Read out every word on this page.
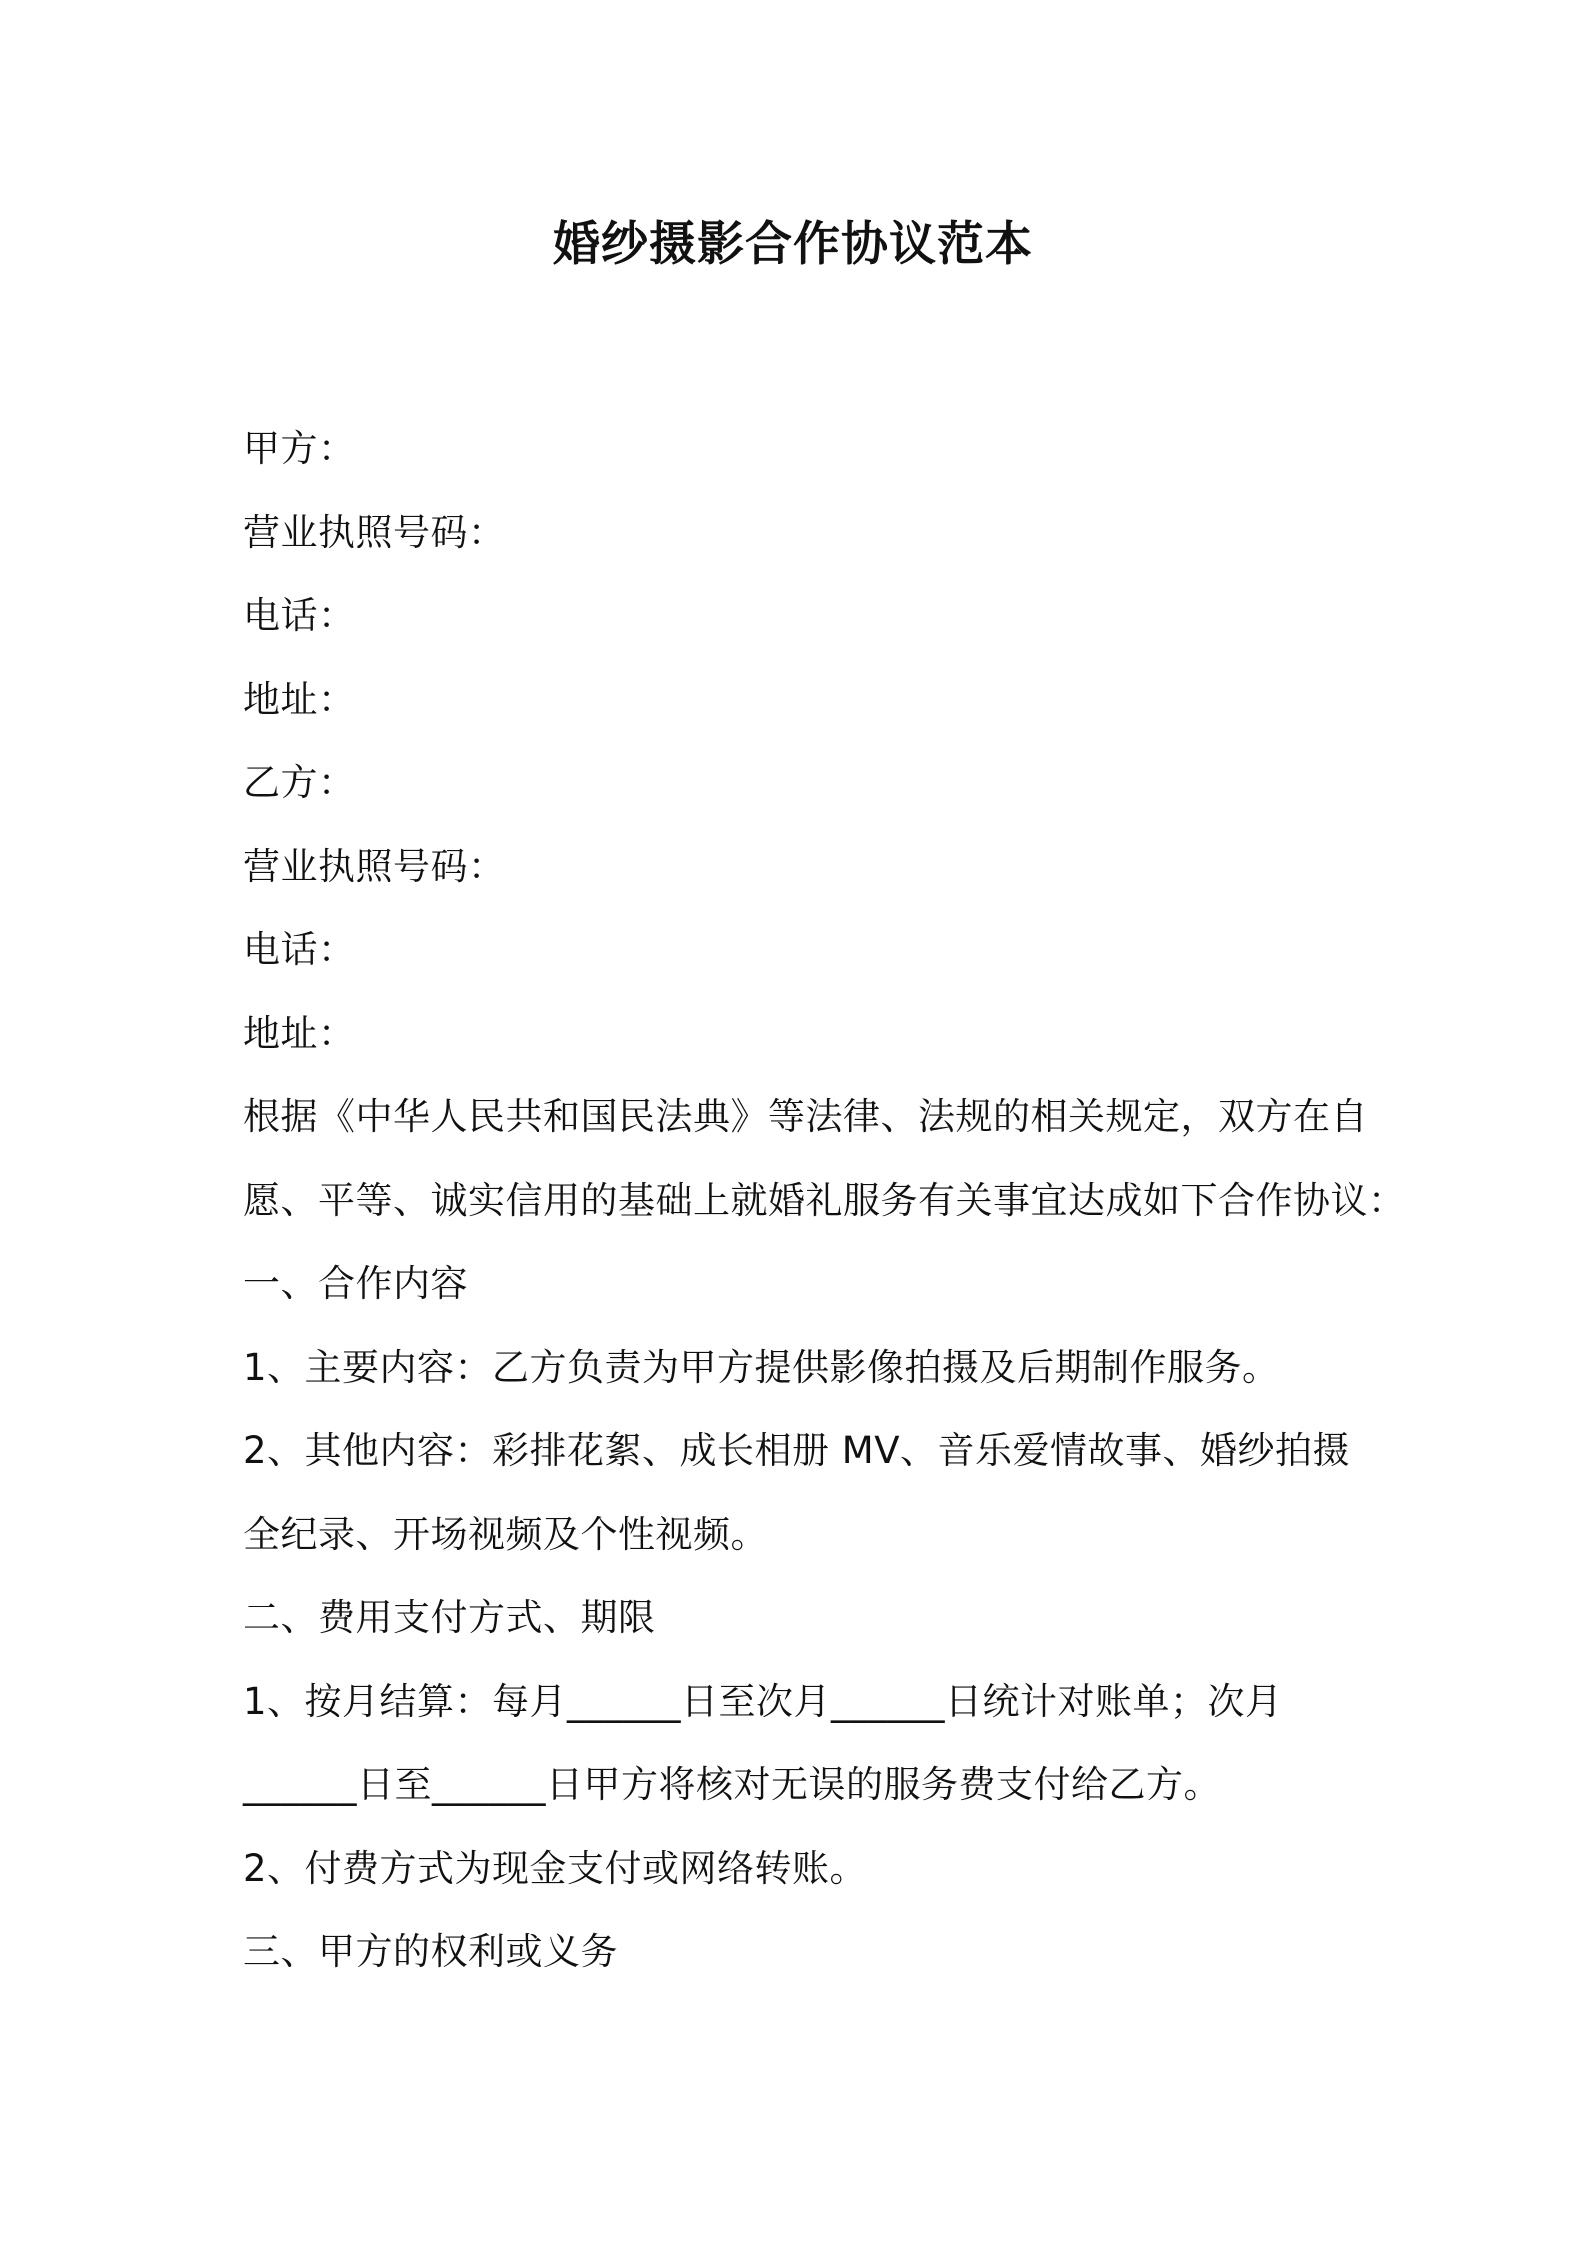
婚纱摄影合作协议范本
甲方：
营业执照号码：
电话：
地址：
乙方：
营业执照号码：
电话：
地址：
根据《中华人民共和国民法典》等法律、法规的相关规定，双方在自
愿、平等、诚实信用的基础上就婚礼服务有关事宜达成如下合作协议：
一、合作内容
1、主要内容：乙方负责为甲方提供影像拍摄及后期制作服务。
2、其他内容：彩排花絮、成长相册 MV、音乐爱情故事、婚纱拍摄
全纪录、开场视频及个性视频。
二、费用支付方式、期限
1、按月结算：每月______日至次月______日统计对账单；次月
______日至______日甲方将核对无误的服务费支付给乙方。
2、付费方式为现金支付或网络转账。
三、甲方的权利或义务
